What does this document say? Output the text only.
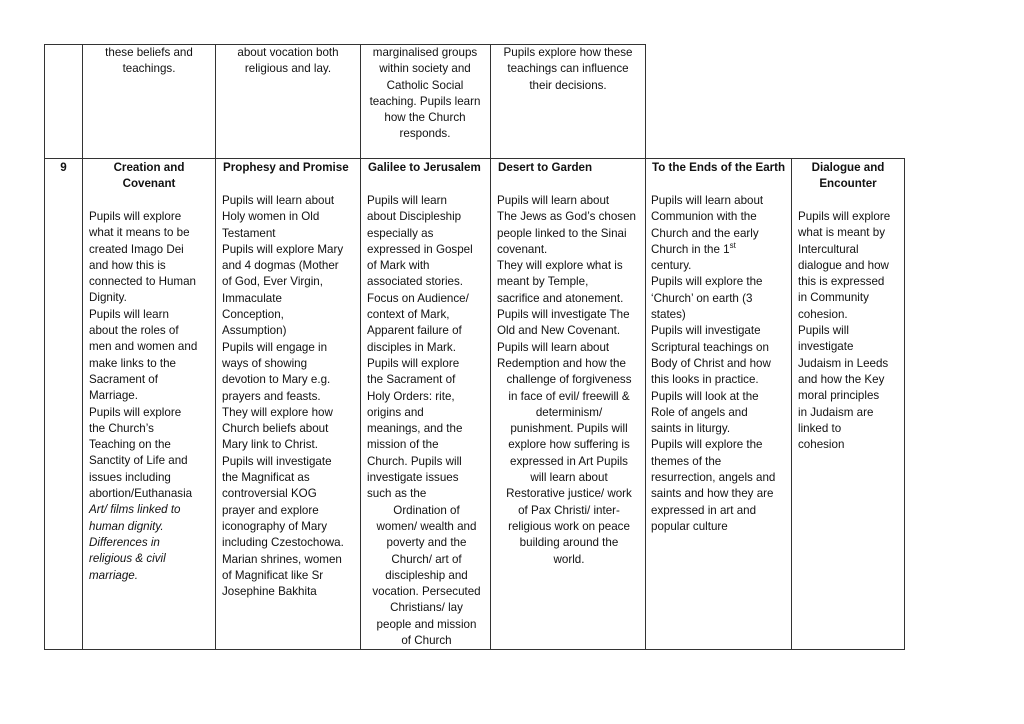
these beliefs and teachings.
about vocation both religious and lay.
marginalised groups within society and Catholic Social teaching. Pupils learn how the Church responds.
Pupils explore how these teachings can influence their decisions.
9	Creation and Covenant
Pupils will explore
what it means to be
created Imago Dei
and how this is
connected to Human
Dignity.
Pupils will learn
about the roles of
men and women and
make links to the
Sacrament of
Marriage.
Pupils will explore
the Church’s
Teaching on the
Sanctity of Life and
issues including
abortion/Euthanasia
Art/ films linked to
human dignity.
Differences in
religious & civil
marriage.
Prophesy and Promise
Pupils will learn about
Holy women in Old
Testament
Pupils will explore Mary
and 4 dogmas (Mother
of God, Ever Virgin,
Immaculate
Conception,
Assumption)
Pupils will engage in
ways of showing
devotion to Mary e.g.
prayers and feasts.
They will explore how
Church beliefs about
Mary link to Christ.
Pupils will investigate
the Magnificat as
controversial KOG
prayer and explore
iconography of Mary
including Czestochowa.
Marian shrines, women
of Magnificat like Sr
Josephine Bakhita
Galilee to Jerusalem
Pupils will learn
about Discipleship
especially as
expressed in Gospel
of Mark with
associated stories.
Focus on Audience/
context of Mark,
Apparent failure of
disciples in Mark.
Pupils will explore
the Sacrament of
Holy Orders: rite,
origins and
meanings, and the
mission of the
Church. Pupils will
investigate issues
such as the
Ordination of
women/ wealth and
poverty and the
Church/ art of
discipleship and
vocation. Persecuted
Christians/ lay
people and mission
of Church
Desert to Garden
Pupils will learn about
The Jews as God’s chosen
people linked to the Sinai
covenant.
They will explore what is
meant by Temple,
sacrifice and atonement.
Pupils will investigate The
Old and New Covenant.
Pupils will learn about
Redemption and how the
challenge of forgiveness
in face of evil/ freewill &
determinism/
punishment. Pupils will
explore how suffering is
expressed in Art Pupils
will learn about
Restorative justice/ work
of Pax Christi/ inter-
religious work on peace
building around the
world.
To the Ends of the Earth
Pupils will learn about
Communion with the
Church and the early
Church in the 1st
century.
Pupils will explore the
‘Church’ on earth (3
states)
Pupils will investigate
Scriptural teachings on
Body of Christ and how
this looks in practice.
Pupils will look at the
Role of angels and
saints in liturgy.
Pupils will explore the
themes of the
resurrection, angels and
saints and how they are
expressed in art and
popular culture
Dialogue and Encounter
Pupils will explore
what is meant by
Intercultural
dialogue and how
this is expressed
in Community
cohesion.
Pupils will
investigate
Judaism in Leeds
and how the Key
moral principles
in Judaism are
linked to
cohesion
